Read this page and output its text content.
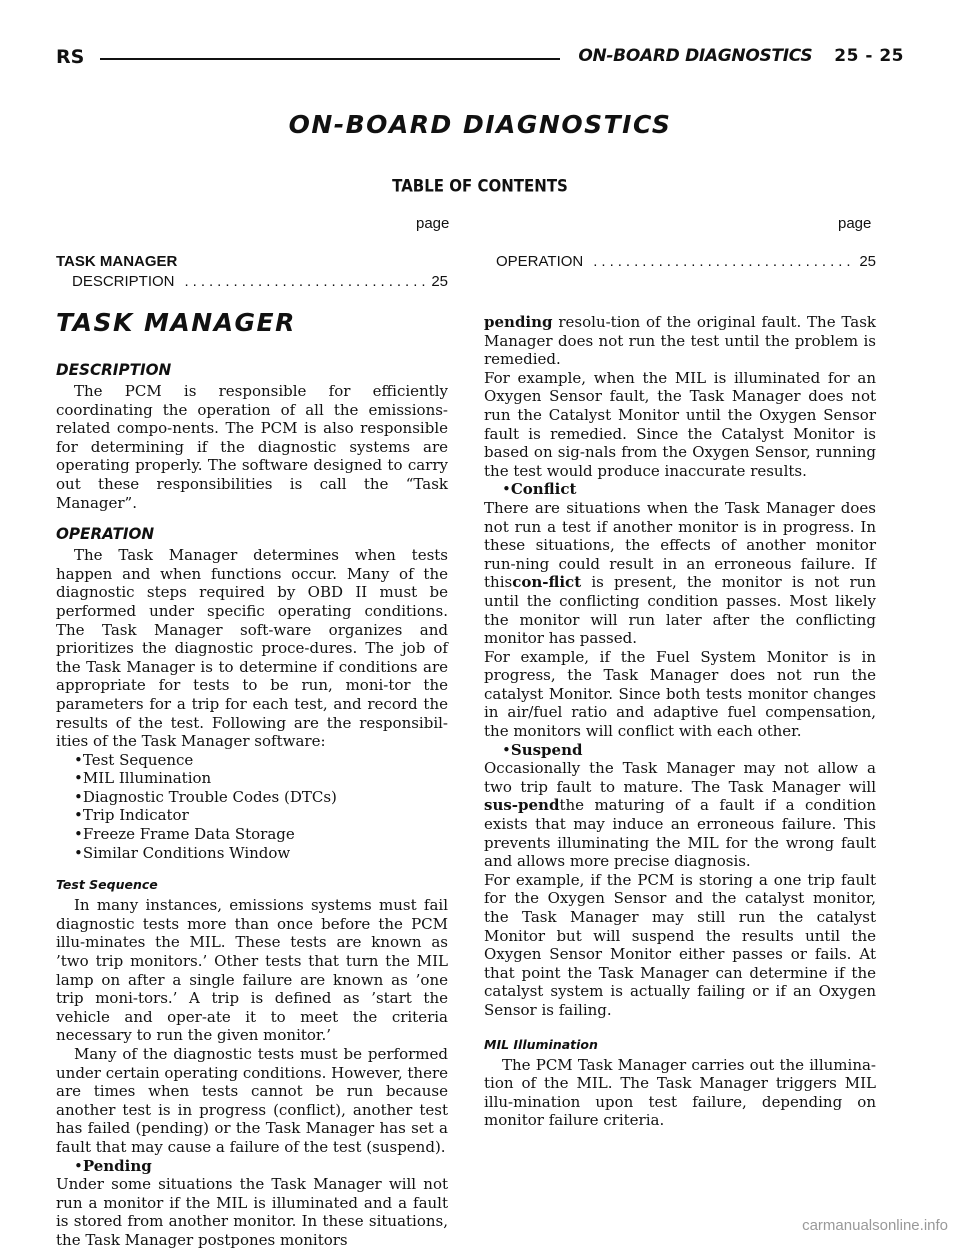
RS	ON-BOARD DIAGNOSTICS 25 - 25
ON-BOARD DIAGNOSTICS
TABLE OF CONTENTS
page	page
TASK MANAGER
DESCRIPTION .....	25
OPERATION .....	25
TASK MANAGER
DESCRIPTION

The PCM is responsible for efficiently coordinating the operation of all the emissions-related compo-nents. The PCM is also responsible for determining if the diagnostic systems are operating properly. The software designed to carry out these responsibilities is call the “Task Manager”.

OPERATION

The Task Manager determines when tests happen and when functions occur. Many of the diagnostic steps required by OBD II must be performed under specific operating conditions. The Task Manager soft-ware organizes and prioritizes the diagnostic proce-dures. The job of the Task Manager is to determine if conditions are appropriate for tests to be run, moni-tor the parameters for a trip for each test, and record the results of the test. Following are the responsibil-ities of the Task Manager software:

•Test Sequence
•MIL Illumination
•Diagnostic Trouble Codes (DTCs)
•Trip Indicator
•Freeze Frame Data Storage
•Similar Conditions Window
Test Sequence

In many instances, emissions systems must fail diagnostic tests more than once before the PCM illu-minates the MIL. These tests are known as ’two trip monitors.’ Other tests that turn the MIL lamp on after a single failure are known as ’one trip moni-tors.’ A trip is defined as ’start the vehicle and oper-ate it to meet the criteria necessary to run the given monitor.’

Many of the diagnostic tests must be performed under certain operating conditions. However, there are times when tests cannot be run because another test is in progress (conflict), another test has failed (pending) or the Task Manager has set a fault that may cause a failure of the test (suspend).

•Pending

Under some situations the Task Manager will not run a monitor if the MIL is illuminated and a fault is stored from another monitor. In these situations, the Task Manager postpones monitors

pending resolu-tion of the original fault. The Task Manager does not run the test until the problem is remedied.

For example, when the MIL is illuminated for an Oxygen Sensor fault, the Task Manager does not run the Catalyst Monitor until the Oxygen Sensor fault is remedied. Since the Catalyst Monitor is based on sig-nals from the Oxygen Sensor, running the test would produce inaccurate results.

•Conflict

There are situations when the Task Manager does not run a test if another monitor is in progress. In these situations, the effects of another monitor run-ning could result in an erroneous failure. If thiscon-flict is present, the monitor is not run until the conflicting condition passes. Most likely the monitor will run later after the conflicting monitor has passed.

For example, if the Fuel System Monitor is in progress, the Task Manager does not run the catalyst Monitor. Since both tests monitor changes in air/fuel ratio and adaptive fuel compensation, the monitors will conflict with each other.

•Suspend

Occasionally the Task Manager may not allow a two trip fault to mature. The Task Manager will sus-pendthe maturing of a fault if a condition exists that may induce an erroneous failure. This prevents illuminating the MIL for the wrong fault and allows more precise diagnosis.

For example, if the PCM is storing a one trip fault for the Oxygen Sensor and the catalyst monitor, the Task Manager may still run the catalyst Monitor but will suspend the results until the Oxygen Sensor Monitor either passes or fails. At that point the Task Manager can determine if the catalyst system is actually failing or if an Oxygen Sensor is failing.

MIL Illumination

The PCM Task Manager carries out the illumina-tion of the MIL. The Task Manager triggers MIL illu-mination upon test failure, depending on monitor failure criteria.

carmanualsonline.info
